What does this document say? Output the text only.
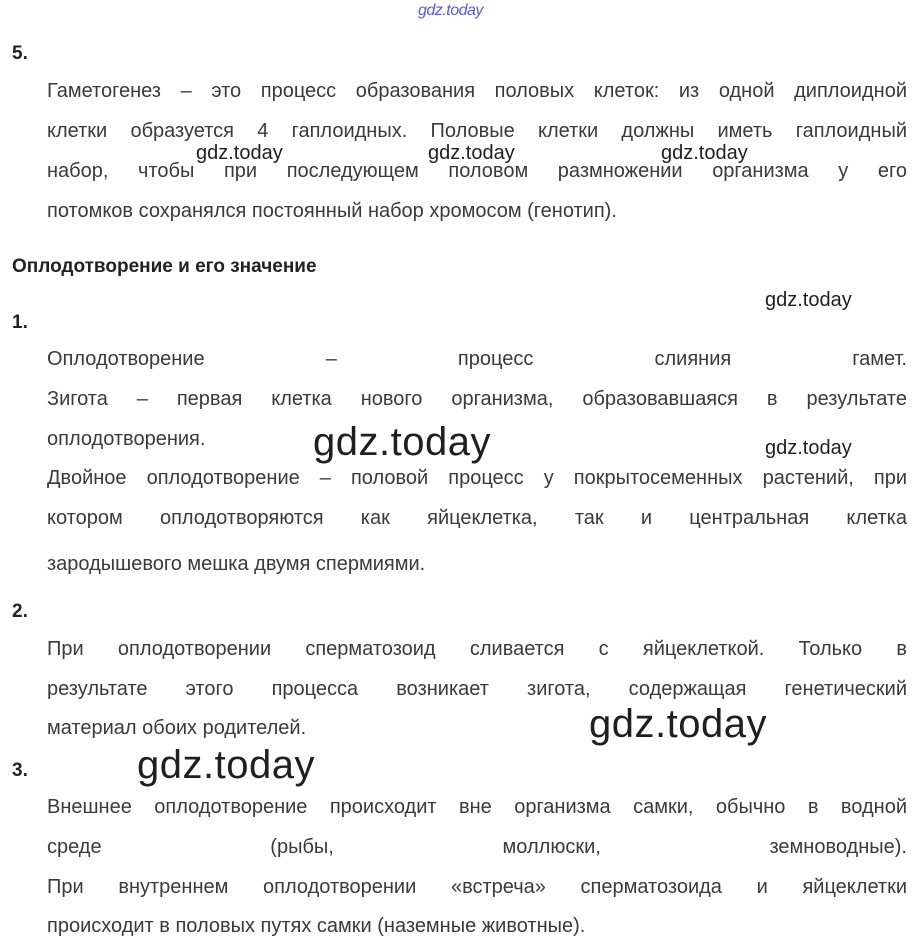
gdz.today
5.
Гаметогенез – это процесс образования половых клеток: из одной диплоидной
клетки образуется 4 гаплоидных. Половые клетки должны иметь гаплоидный
набор, чтобы при последующем половом размножении организма у его
потомков сохранялся постоянный набор хромосом (генотип).
gdz.today	gdz.today	gdz.today
Оплодотворение и его значение
gdz.today
1.
Оплодотворение – процесс слияния гамет.
Зигота – первая клетка нового организма, образовавшаяся в результате
оплодотворения.	gdz.today	gdz.today
Двойное оплодотворение – половой процесс у покрытосеменных растений, при
котором оплодотворяются как яйцеклетка, так и центральная клетка
зародышевого мешка двумя спермиями.
2.
При оплодотворении сперматозоид сливается с яйцеклеткой. Только в
результате этого процесса возникает зигота, содержащая генетический
материал обоих родителей.	gdz.today
3.	gdz.today
Внешнее оплодотворение происходит вне организма самки, обычно в водной
среде (рыбы, моллюски, земноводные).
При внутреннем оплодотворении «встреча» сперматозоида и яйцеклетки
происходит в половых путях самки (наземные животные).
